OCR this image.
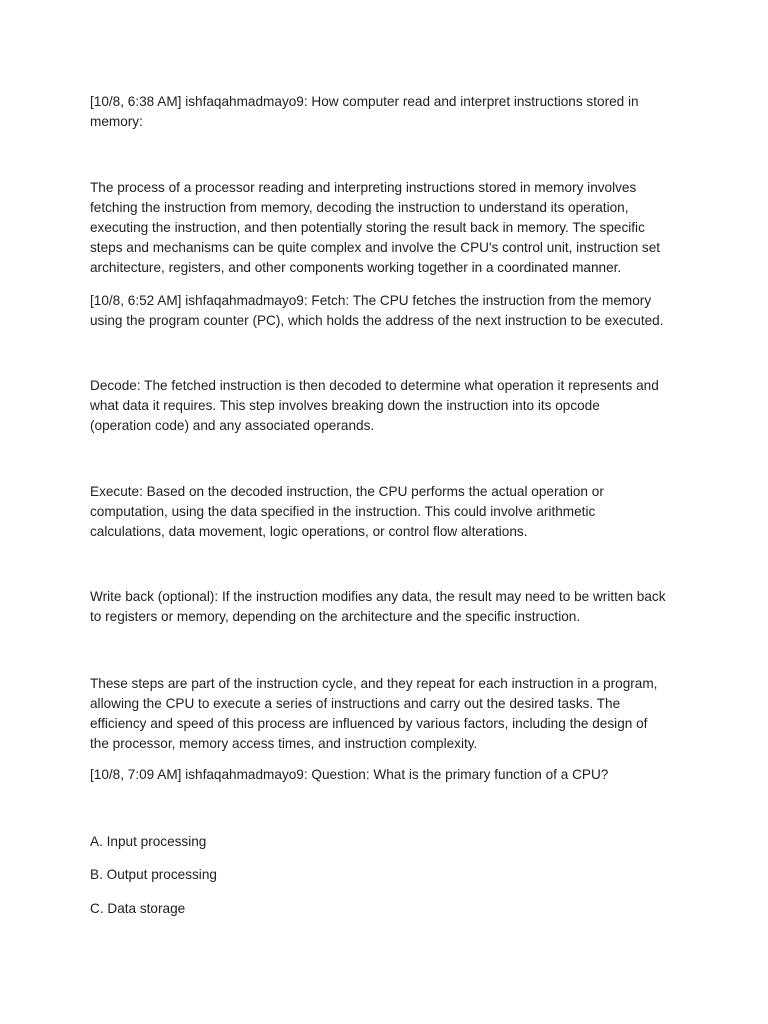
[10/8, 6:38 AM] ishfaqahmadmayo9: How computer read and interpret instructions stored in
memory:

The process of a processor reading and interpreting instructions stored in memory involves
fetching the instruction from memory, decoding the instruction to understand its operation,
executing the instruction, and then potentially storing the result back in memory. The specific
steps and mechanisms can be quite complex and involve the CPU's control unit, instruction set
architecture, registers, and other components working together in a coordinated manner.

[10/8, 6:52 AM] ishfaqahmadmayo9: Fetch: The CPU fetches the instruction from the memory
using the program counter (PC), which holds the address of the next instruction to be executed.

Decode: The fetched instruction is then decoded to determine what operation it represents and
what data it requires. This step involves breaking down the instruction into its opcode
(operation code) and any associated operands.

Execute: Based on the decoded instruction, the CPU performs the actual operation or
computation, using the data specified in the instruction. This could involve arithmetic
calculations, data movement, logic operations, or control flow alterations.

Write back (optional): If the instruction modifies any data, the result may need to be written back
to registers or memory, depending on the architecture and the specific instruction.

These steps are part of the instruction cycle, and they repeat for each instruction in a program,
allowing the CPU to execute a series of instructions and carry out the desired tasks. The
efficiency and speed of this process are influenced by various factors, including the design of
the processor, memory access times, and instruction complexity.

[10/8, 7:09 AM] ishfaqahmadmayo9: Question: What is the primary function of a CPU?

A. Input processing

B. Output processing

C. Data storage
